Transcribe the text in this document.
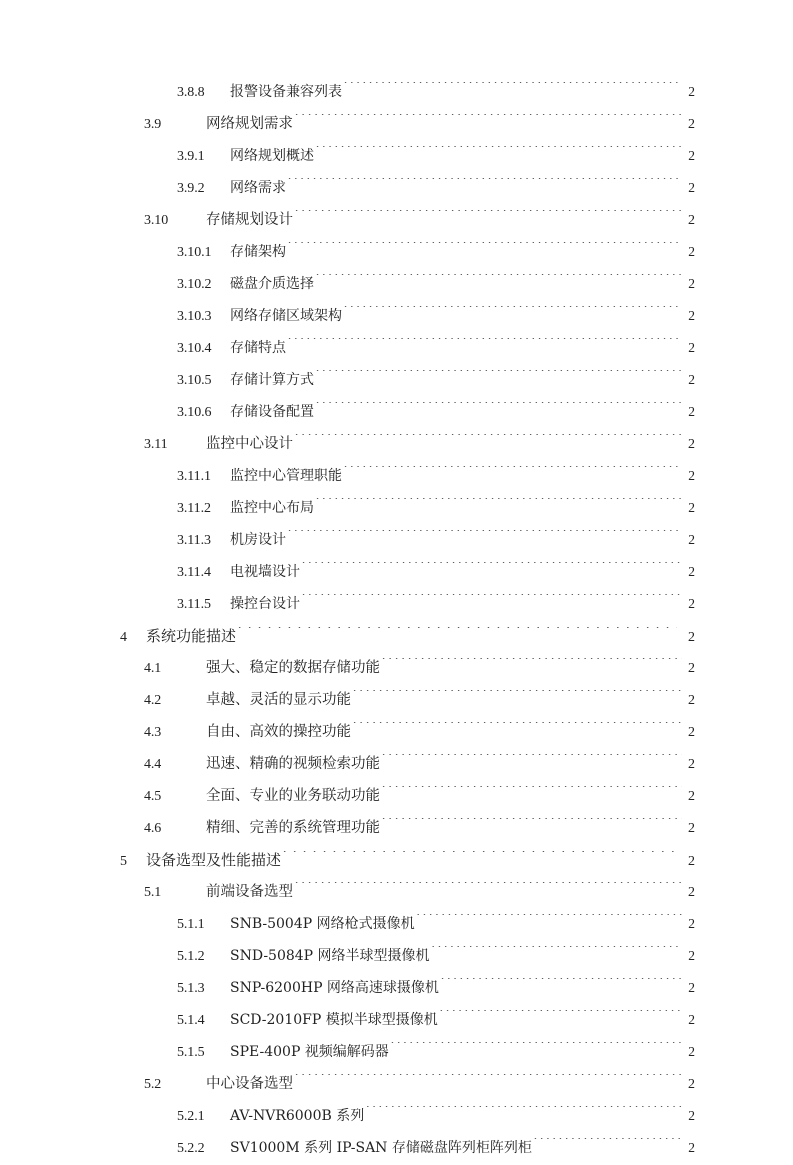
3.8.8	报警设备兼容列表 . . .	2
3.9	网络规划需求 . . .	2
3.9.1	网络规划概述 . . .	2
3.9.2	网络需求 . . .	2
3.10	存储规划设计 . . .	2
3.10.1	存储架构 . . .	2
3.10.2	磁盘介质选择 . . .	2
3.10.3	网络存储区域架构 . . .	2
3.10.4	存储特点 . . .	2
3.10.5	存储计算方式 . . .	2
3.10.6	存储设备配置 . . .	2
3.11	监控中心设计 . . .	2
3.11.1	监控中心管理职能 . . .	2
3.11.2	监控中心布局 . . .	2
3.11.3	机房设计 . . .	2
3.11.4	电视墙设计 . . .	2
3.11.5	操控台设计 . . .	2
4	系统功能描述 . . .	2
4.1	强大、稳定的数据存储功能 . . .	2
4.2	卓越、灵活的显示功能 . . .	2
4.3	自由、高效的操控功能 . . .	2
4.4	迅速、精确的视频检索功能 . . .	2
4.5	全面、专业的业务联动功能 . . .	2
4.6	精细、完善的系统管理功能 . . .	2
5	设备选型及性能描述 . . .	2
5.1	前端设备选型 . . .	2
5.1.1	SNB-5004P 网络枪式摄像机 . . .	2
5.1.2	SND-5084P 网络半球型摄像机 . . .	2
5.1.3	SNP-6200HP 网络高速球摄像机 . . .	2
5.1.4	SCD-2010FP 模拟半球型摄像机 . . .	2
5.1.5	SPE-400P 视频编解码器 . . .	2
5.2	中心设备选型 . . .	2
5.2.1	AV-NVR6000B 系列 . . .	2
5.2.2	SV1000M 系列 IP-SAN 存储磁盘阵列柜阵列柜 . . .	2
